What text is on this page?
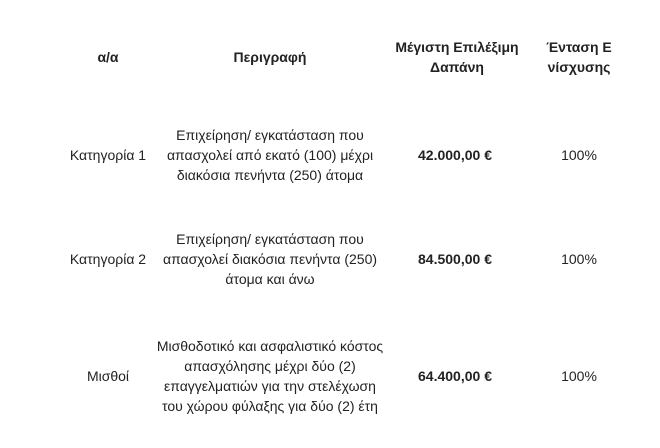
α/α	Περιγραφή	Μέγιστη Επιλέξιμη Δαπάνη	Ένταση Ενίσχυσης

Κατηγορία 1	Επιχείρηση/ εγκατάσταση που απασχολεί από εκατό (100) μέχρι διακόσια πενήντα (250) άτομα	42.000,00 €	100%
Κατηγορία 2	Επιχείρηση/ εγκατάσταση που απασχολεί διακόσια πενήντα (250) άτομα και άνω	84.500,00 €	100%
Μισθοί	Μισθοδοτικό και ασφαλιστικό κόστος απασχόλησης μέχρι δύο (2) επαγγελματιών για την στελέχωση του χώρου φύλαξης για δύο (2) έτη	64.400,00 €	100%
